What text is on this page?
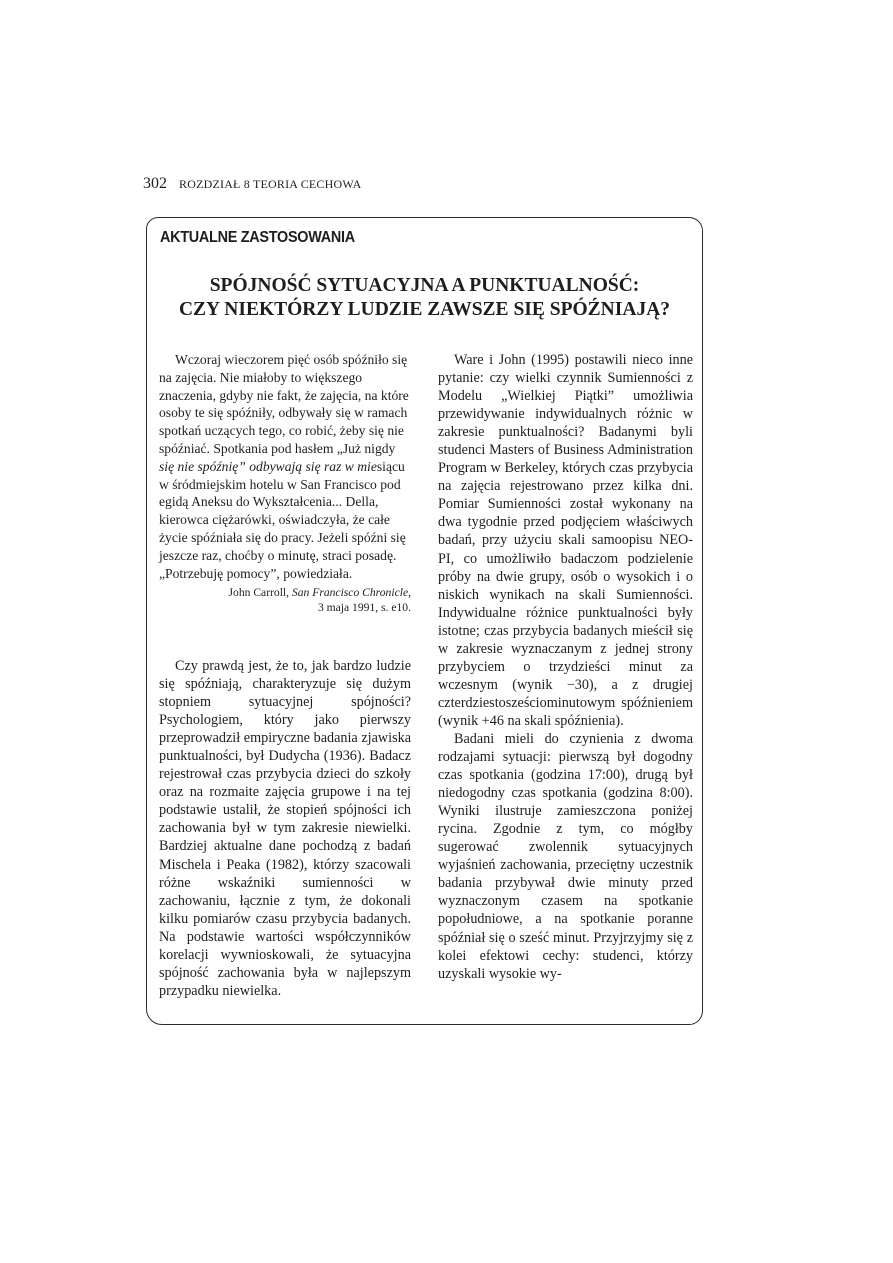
302 ROZDZIAŁ 8 TEORIA CECHOWA
AKTUALNE ZASTOSOWANIA
SPÓJNOŚĆ SYTUACYJNA A PUNKTUALNOŚĆ:
CZY NIEKTÓRZY LUDZIE ZAWSZE SIĘ SPÓŹNIAJĄ?

Wczoraj wieczorem pięć osób spóźniło się na zajęcia. Nie miałoby to większego znaczenia, gdyby nie fakt, że zajęcia, na które osoby te się spóźniły, odbywały się w ramach spotkań uczących tego, co robić, żeby się nie spóźniać. Spotkania pod hasłem „Już nigdy się nie spóźnię” odbywają się raz w miesiącu w śródmiejskim hotelu w San Francisco pod egidą Aneksu do Wykształcenia... Della, kierowca ciężarówki, oświadczyła, że całe życie spóźniała się do pracy. Jeżeli spóźni się jeszcze raz, choćby o minutę, straci posadę. „Potrzebuję pomocy”, powiedziała.

John Carroll, San Francisco Chronicle,
3 maja 1991, s. e10.

Czy prawdą jest, że to, jak bardzo ludzie się spóźniają, charakteryzuje się dużym stopniem sytuacyjnej spójności? Psychologiem, który jako pierwszy przeprowadził empiryczne badania zjawiska punktualności, był Dudycha (1936). Badacz rejestrował czas przybycia dzieci do szkoły oraz na rozmaite zajęcia grupowe i na tej podstawie ustalił, że stopień spójności ich zachowania był w tym zakresie niewielki. Bardziej aktualne dane pochodzą z badań Mischela i Peaka (1982), którzy szacowali różne wskaźniki sumienności w zachowaniu, łącznie z tym, że dokonali kilku pomiarów czasu przybycia badanych. Na podstawie wartości współczynników korelacji wywnioskowali, że sytuacyjna spójność zachowania była w najlepszym przypadku niewielka.

Ware i John (1995) postawili nieco inne pytanie: czy wielki czynnik Sumienności z Modelu „Wielkiej Piątki” umożliwia przewidywanie indywidualnych różnic w zakresie punktualności? Badanymi byli studenci Masters of Business Administration Program w Berkeley, których czas przybycia na zajęcia rejestrowano przez kilka dni. Pomiar Sumienności został wykonany na dwa tygodnie przed podjęciem właściwych badań, przy użyciu skali samoopisu NEO-PI, co umożliwiło badaczom podzielenie próby na dwie grupy, osób o wysokich i o niskich wynikach na skali Sumienności. Indywidualne różnice punktualności były istotne; czas przybycia badanych mieścił się w zakresie wyznaczanym z jednej strony przybyciem o trzydzieści minut za wczesnym (wynik −30), a z drugiej czterdziestosześciominutowym spóźnieniem (wynik +46 na skali spóźnienia).

Badani mieli do czynienia z dwoma rodzajami sytuacji: pierwszą był dogodny czas spotkania (godzina 17:00), drugą był niedogodny czas spotkania (godzina 8:00). Wyniki ilustruje zamieszczona poniżej rycina. Zgodnie z tym, co mógłby sugerować zwolennik sytuacyjnych wyjaśnień zachowania, przeciętny uczestnik badania przybywał dwie minuty przed wyznaczonym czasem na spotkanie popołudniowe, a na spotkanie poranne spóźniał się o sześć minut. Przyjrzyjmy się z kolei efektowi cechy: studenci, którzy uzyskali wysokie wy-
